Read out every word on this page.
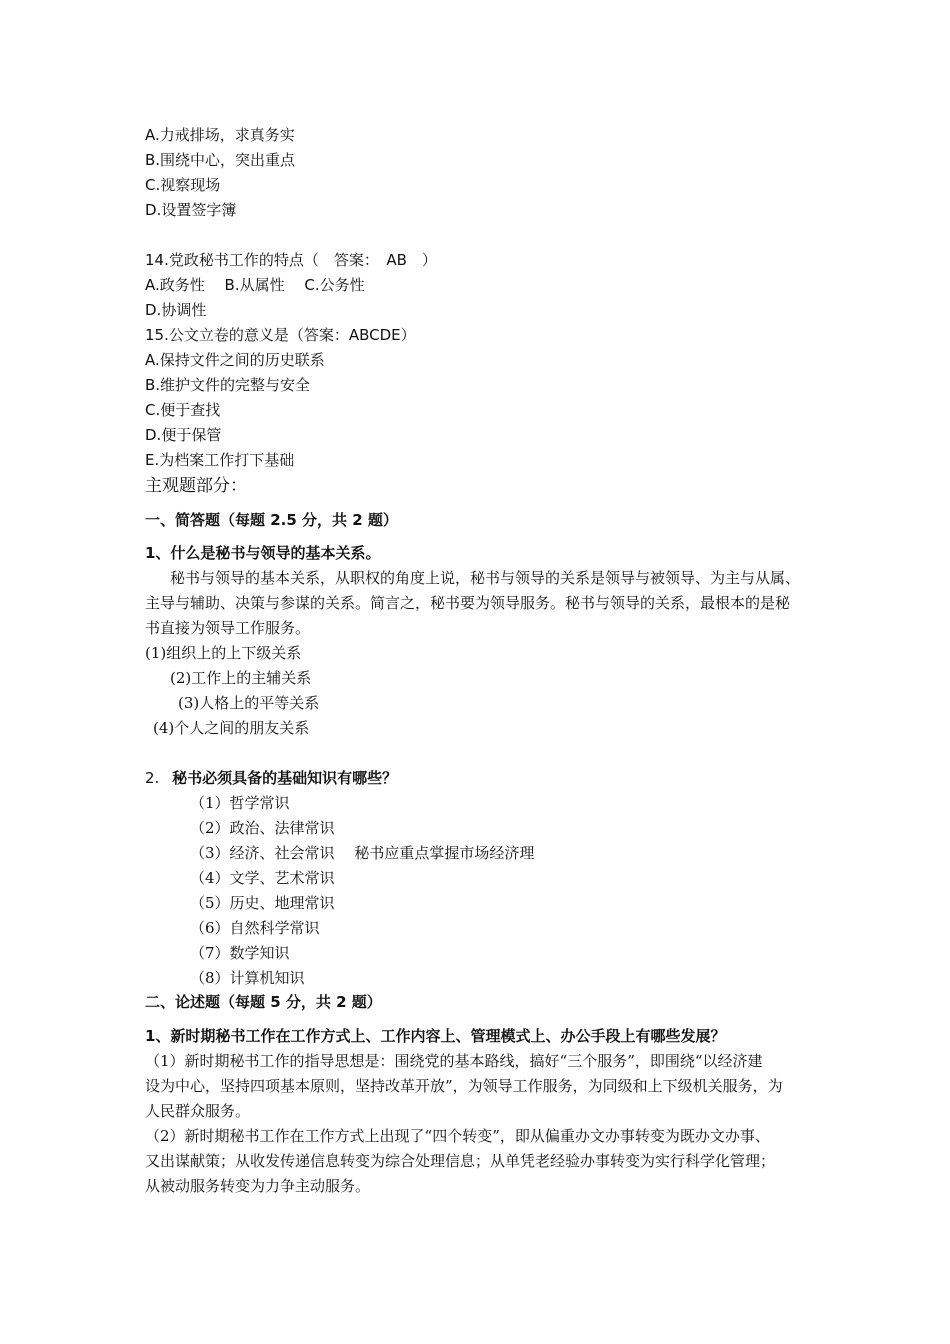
A.力戒排场，求真务实
B.围绕中心，突出重点
C.视察现场
D.设置签字簿
14.党政秘书工作的特点（　答案：　AB　）
A.政务性　 B.从属性　 C.公务性
D.协调性
15.公文立卷的意义是（答案：ABCDE）
A.保持文件之间的历史联系
B.维护文件的完整与安全
C.便于查找
D.便于保管
E.为档案工作打下基础
主观题部分：
一、简答题（每题 2.5 分，共 2 题）
1、什么是秘书与领导的基本关系。
秘书与领导的基本关系，从职权的角度上说，秘书与领导的关系是领导与被领导、为主与从属、
主导与辅助、决策与参谋的关系。简言之，秘书要为领导服务。秘书与领导的关系，最根本的是秘
书直接为领导工作服务。
(1)组织上的上下级关系
(2)工作上的主辅关系
(3)人格上的平等关系
(4)个人之间的朋友关系
2. 秘书必须具备的基础知识有哪些？
（1）哲学常识
（2）政治、法律常识
（3）经济、社会常识　 秘书应重点掌握市场经济理
（4）文学、艺术常识
（5）历史、地理常识
（6）自然科学常识
（7）数学知识
（8）计算机知识
二、论述题（每题 5 分，共 2 题）
1、新时期秘书工作在工作方式上、工作内容上、管理模式上、办公手段上有哪些发展？
（1）新时期秘书工作的指导思想是：围绕党的基本路线，搞好“三个服务”，即围绕“以经济建
设为中心，坚持四项基本原则，坚持改革开放”，为领导工作服务，为同级和上下级机关服务，为
人民群众服务。
（2）新时期秘书工作在工作方式上出现了“四个转变”，即从偏重办文办事转变为既办文办事、
又出谋献策；从收发传递信息转变为综合处理信息；从单凭老经验办事转变为实行科学化管理；
从被动服务转变为力争主动服务。
